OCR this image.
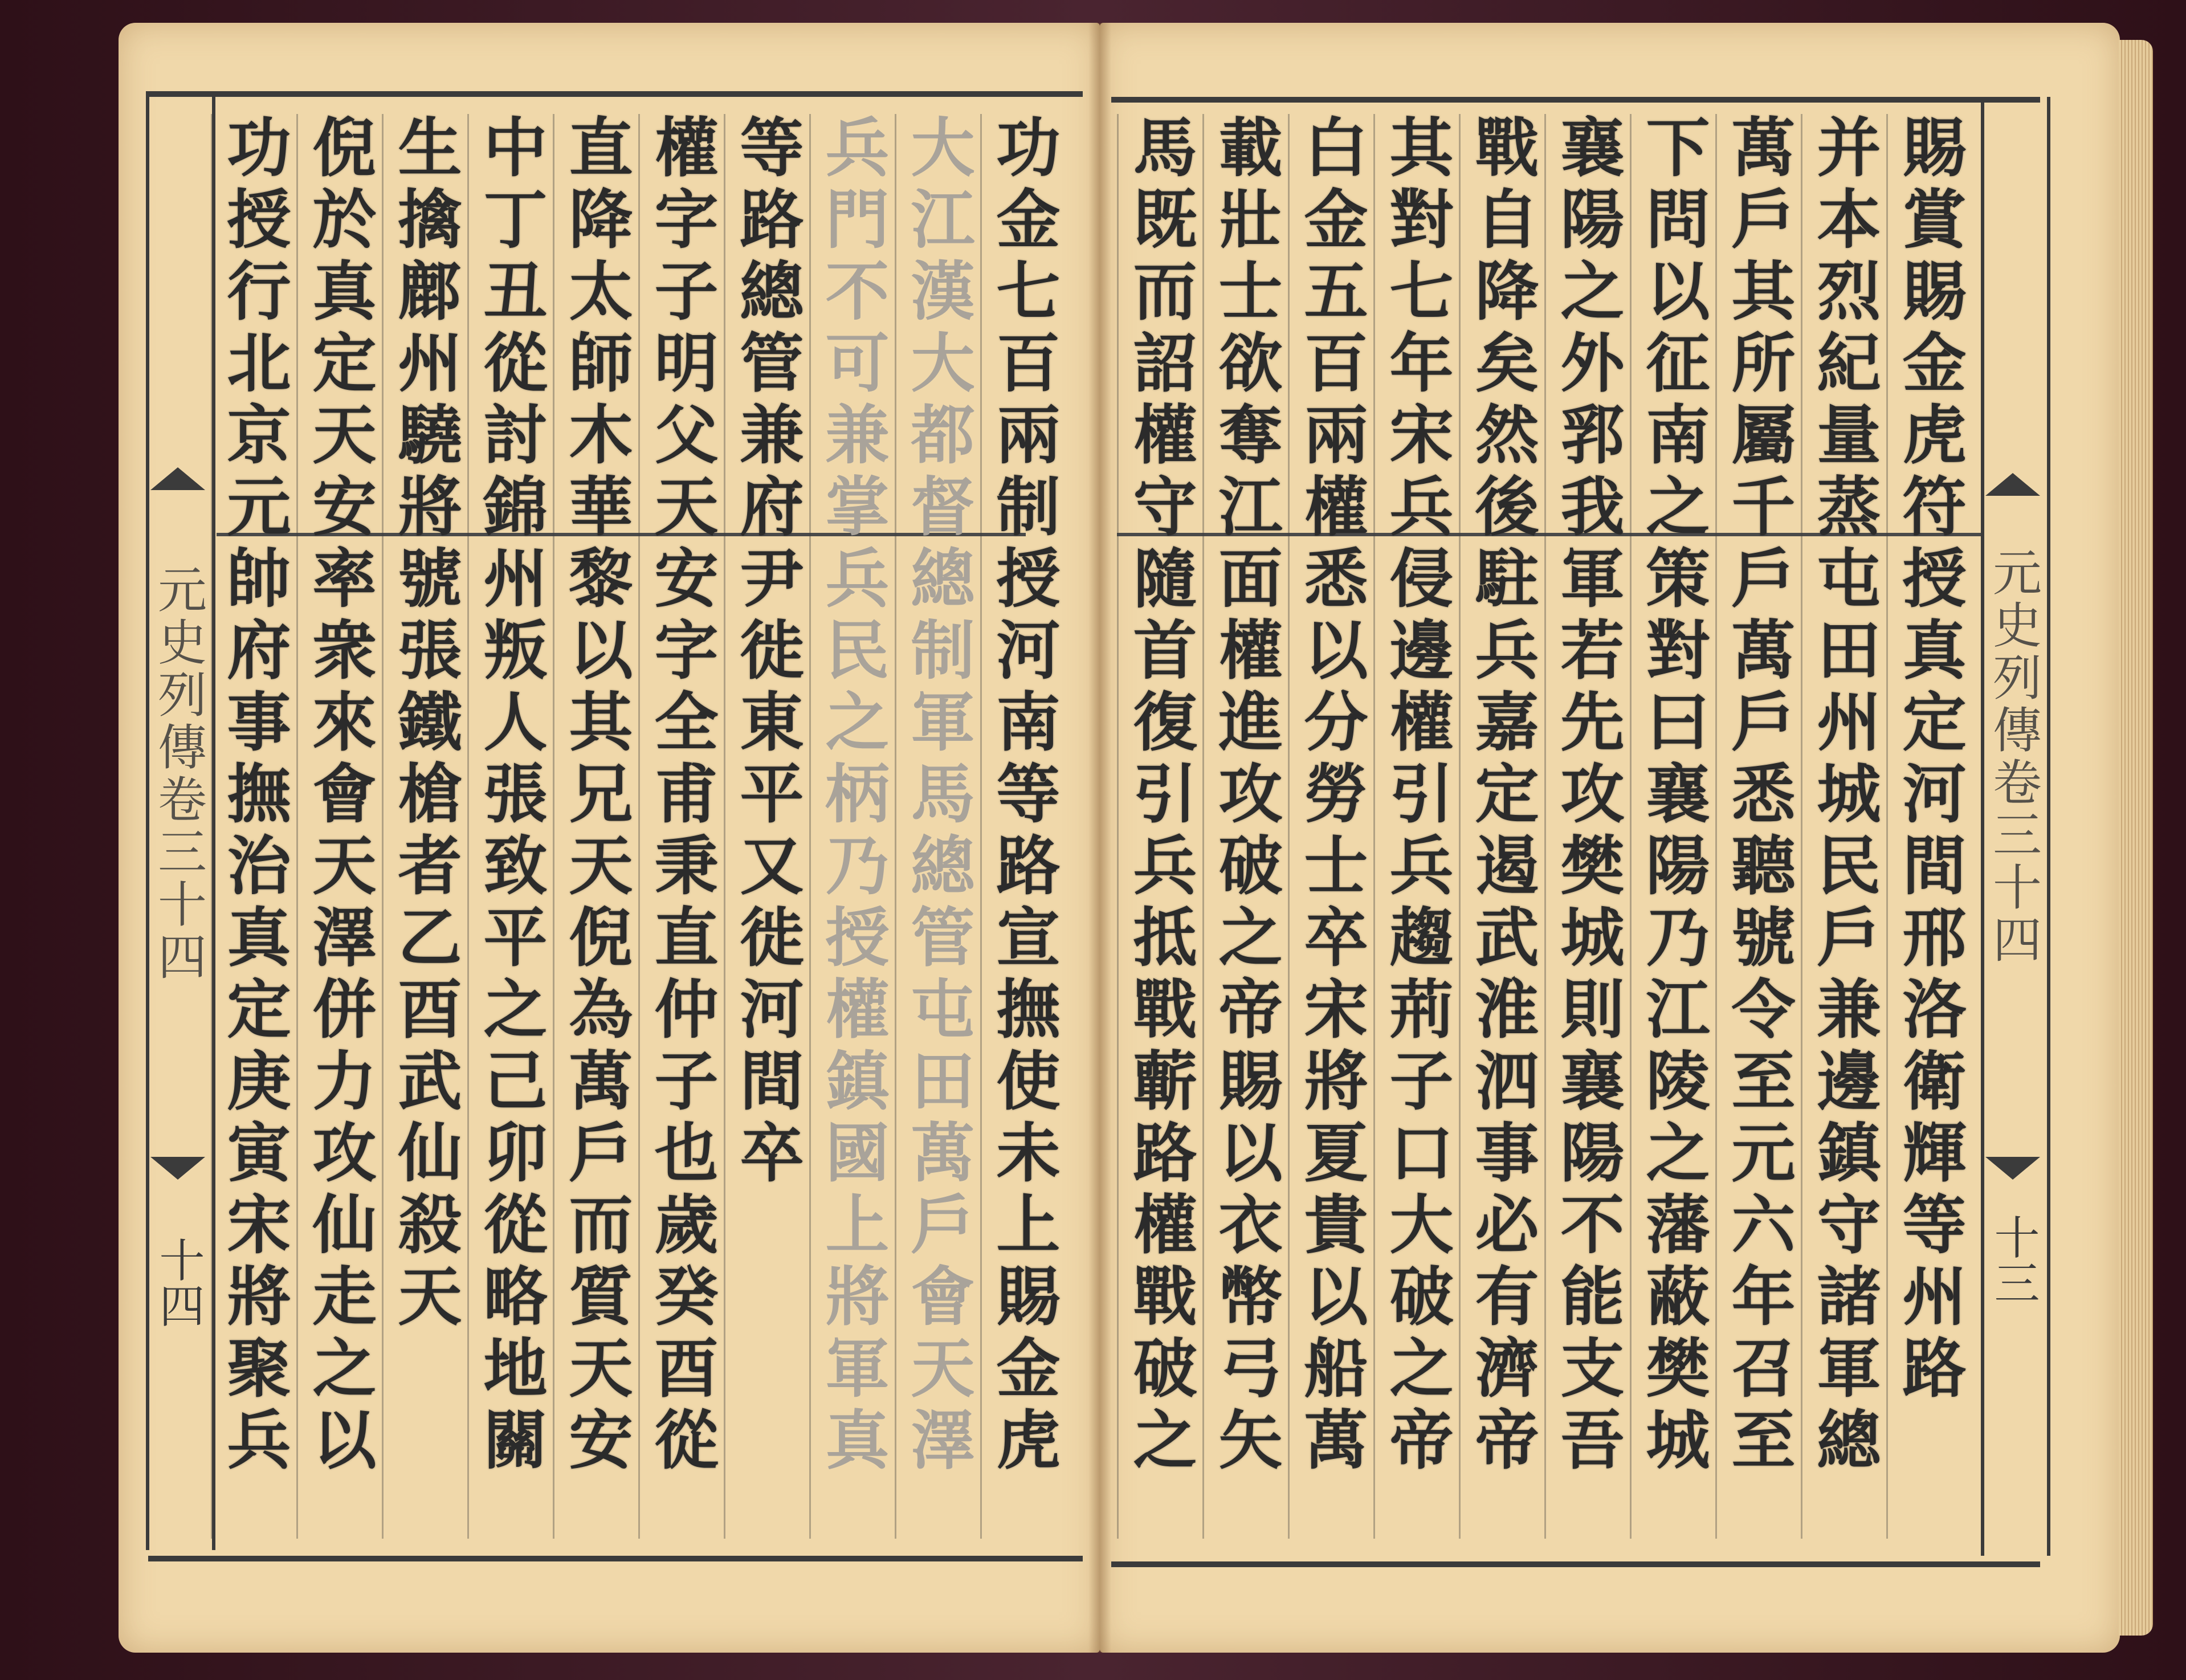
元史列傳卷三十四	元史列傳卷三十四
十四	十三
賜賞賜金虎符授真定河間邢洛衛輝等州路
并本烈紀量蒸屯田州城民戶兼邊鎮守諸軍總
萬戶其所屬千戶萬戶悉聽號令至元六年召至
下問以征南之策對曰襄陽乃江陵之藩蔽樊城
襄陽之外郛我軍若先攻樊城則襄陽不能支吾
戰自降矣然後駐兵嘉定遏武淮泗事必有濟帝
其對七年宋兵侵邊權引兵趨荊子口大破之帝
白金五百兩權悉以分勞士卒宋將夏貴以船萬
載壯士欲奪江面權進攻破之帝賜以衣幣弓矢
馬既而詔權守隨首復引兵抵戰蘄路權戰破之
功金七百兩制授河南等路宣撫使未上賜金虎
大江漢大都督總制軍馬總管屯田萬戶會天澤
兵門不可兼掌兵民之柄乃授權鎮國上將軍真
等路總管兼府尹徙東平又徙河間卒
權字子明父天安字全甫秉直仲子也歲癸酉從
直降太師木華黎以其兄天倪為萬戶而質天安
中丁丑從討錦州叛人張致平之己卯從略地關
生擒鄜州驍將號張鐵槍者乙酉武仙殺天
倪於真定天安率衆來會天澤併力攻仙走之以
功授行北京元帥府事撫治真定庚寅宋將聚兵
